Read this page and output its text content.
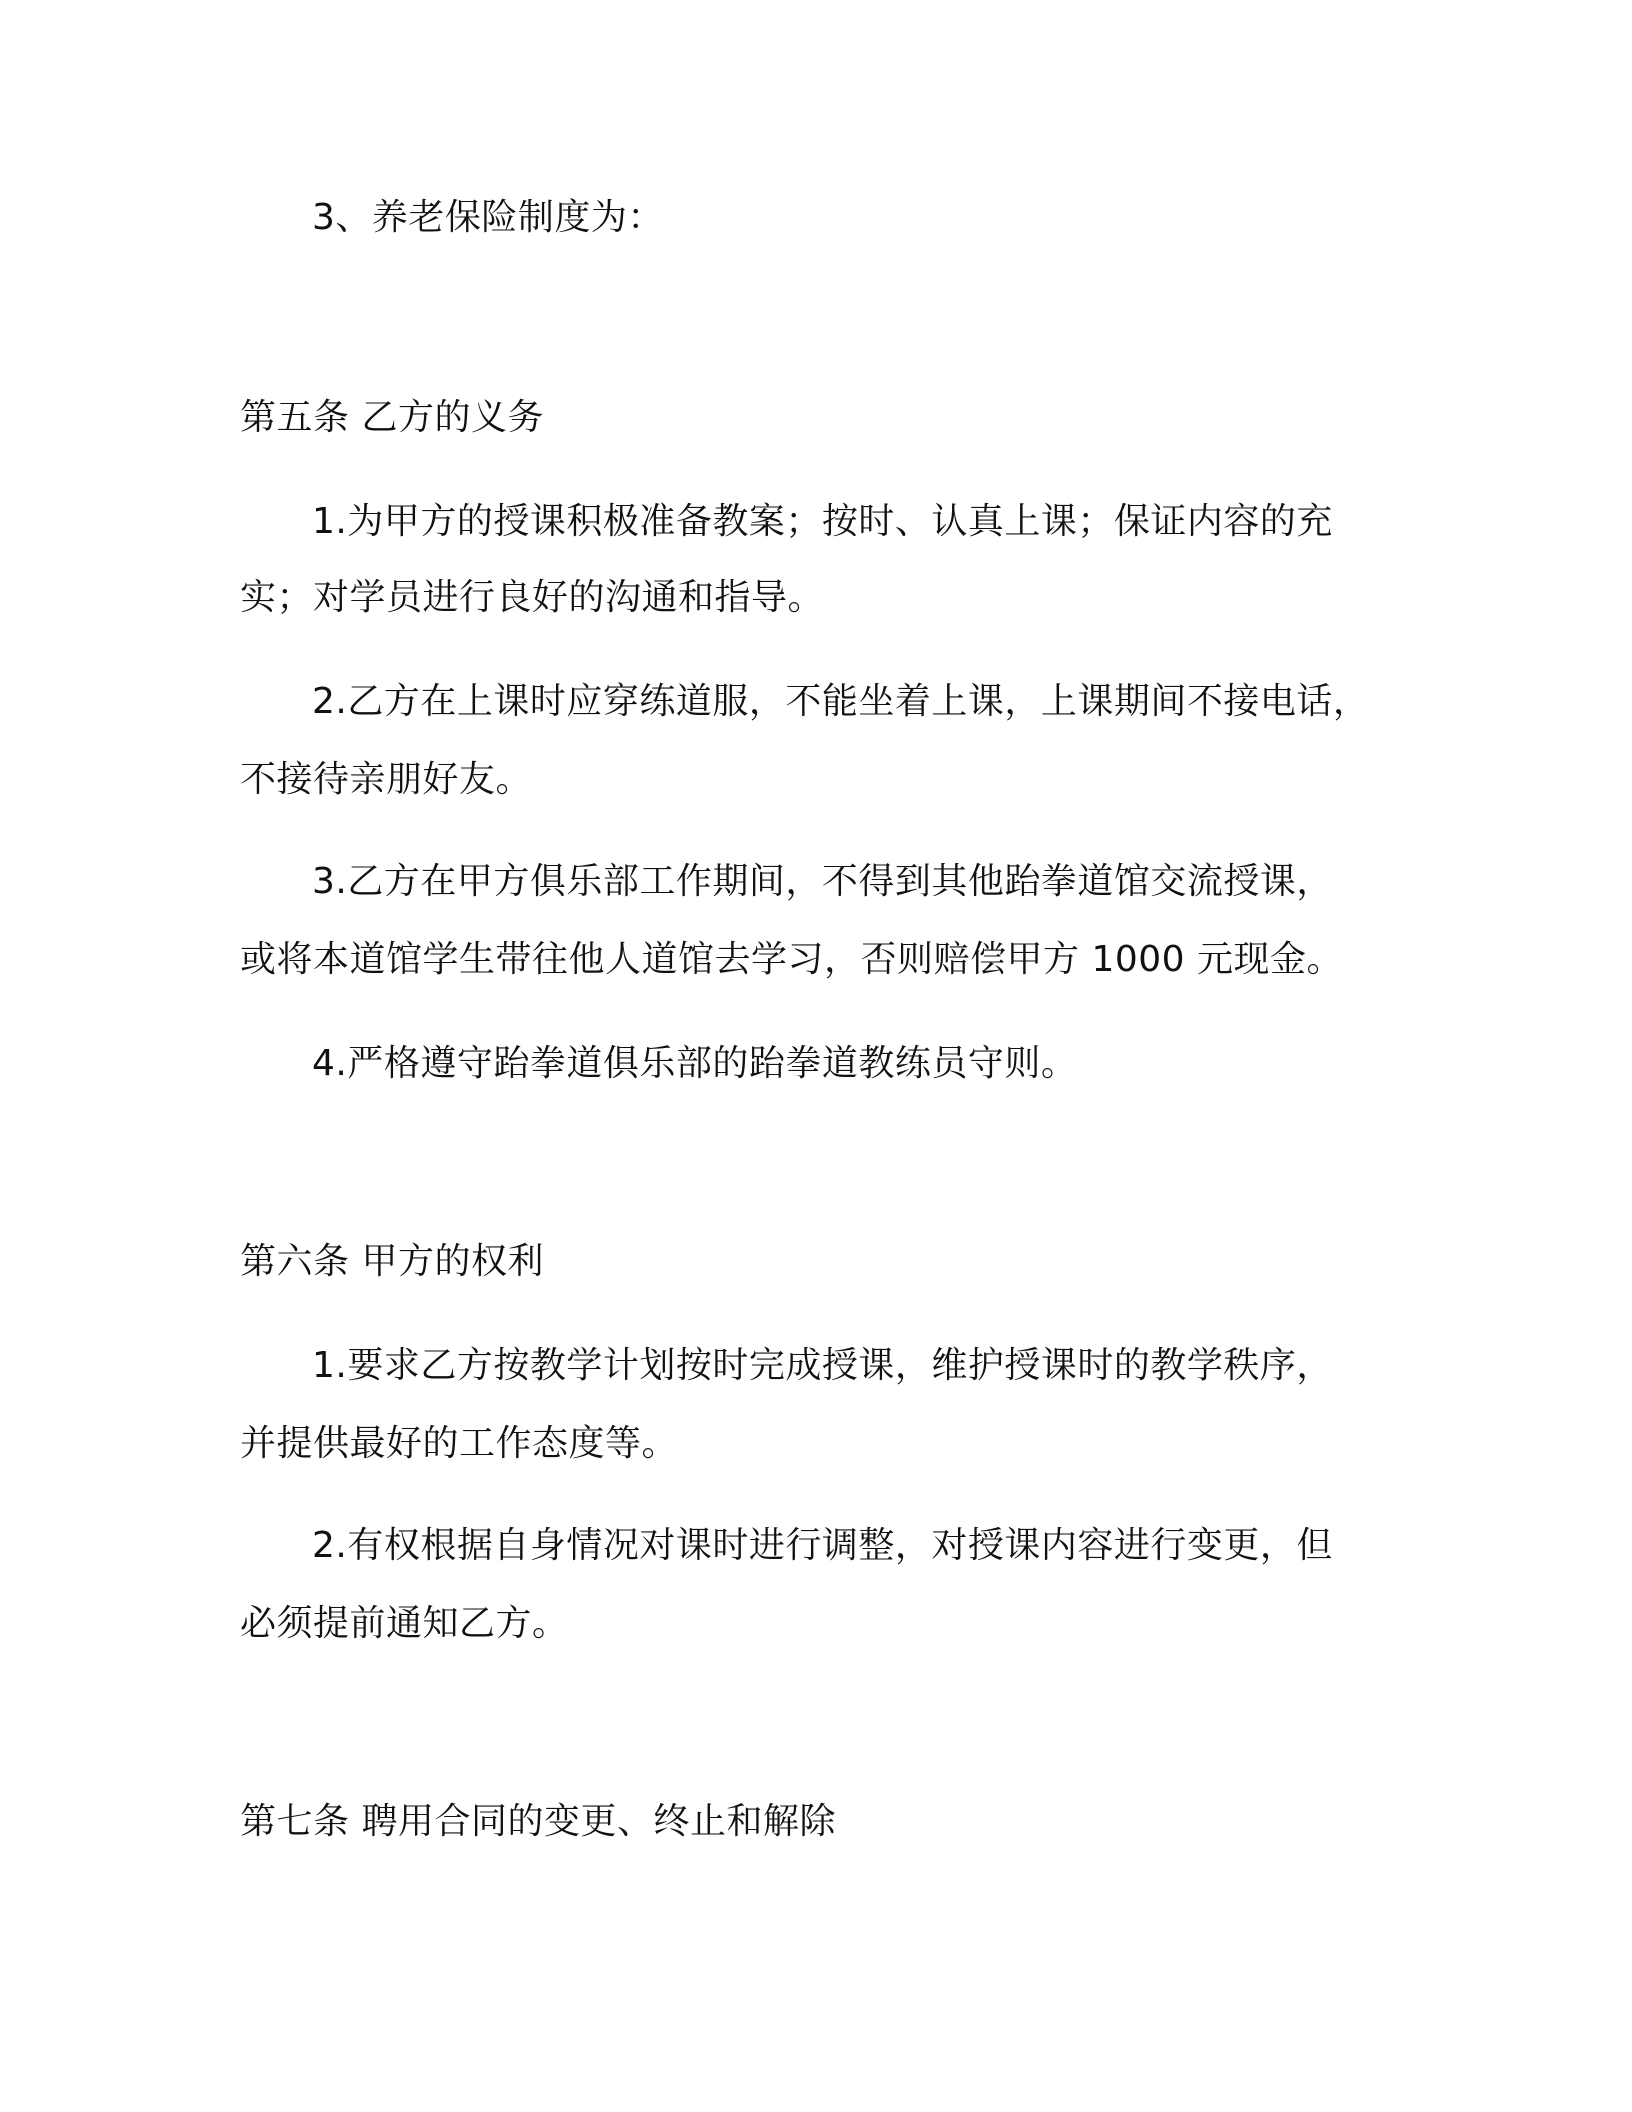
3、养老保险制度为：
第五条 乙方的义务
1.为甲方的授课积极准备教案；按时、认真上课；保证内容的充
实；对学员进行良好的沟通和指导。
2.乙方在上课时应穿练道服，不能坐着上课，上课期间不接电话，
不接待亲朋好友。
3.乙方在甲方俱乐部工作期间，不得到其他跆拳道馆交流授课，
或将本道馆学生带往他人道馆去学习，否则赔偿甲方 1000 元现金。
4.严格遵守跆拳道俱乐部的跆拳道教练员守则。
第六条 甲方的权利
1.要求乙方按教学计划按时完成授课，维护授课时的教学秩序，
并提供最好的工作态度等。
2.有权根据自身情况对课时进行调整，对授课内容进行变更，但
必须提前通知乙方。
第七条 聘用合同的变更、终止和解除
